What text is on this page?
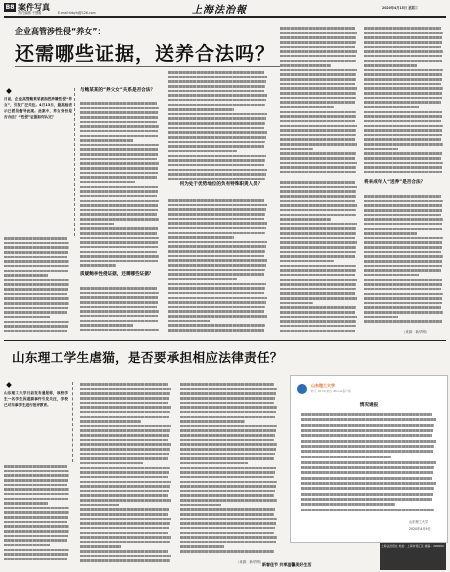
B8 案件写真
责任编辑 于慧娟	E-mail:fzbyhj@126.com	上海法治報	2020年4月15日 星期三
企业高管涉性侵“养女”：
还需哪些证据，送养合法吗？
日前，企业高管鲍某某被指控涉嫌性侵“养女”，引发广泛关注。4月13日，最高检表示已派员督导此案。此案中，养女身份是否合法？“性侵”证据如何认定？
与鲍某某的“养父女”关系是否合法？
质疑鲍李性侵证据，还需哪些证据？
何为处于优势地位的负有特殊职责人员？	将来成年人“送养”是否合法？
（来源：新华网）
山东理工学生虐猫，是否要承担相应法律责任？
山东理工大学日前发布通报称，该校学生一名学生因虐猫事件引发关注，学校已对当事学生进行批评教育。
（来源：新华网）
山东理工大学
昨天 16:50 来自 iPhone客户端
情况通报
山东理工大学
2020年4月9日
新春佳节 共享温馨美好生活
上海法治报社 地址：上海市徐汇区 邮编：200000
